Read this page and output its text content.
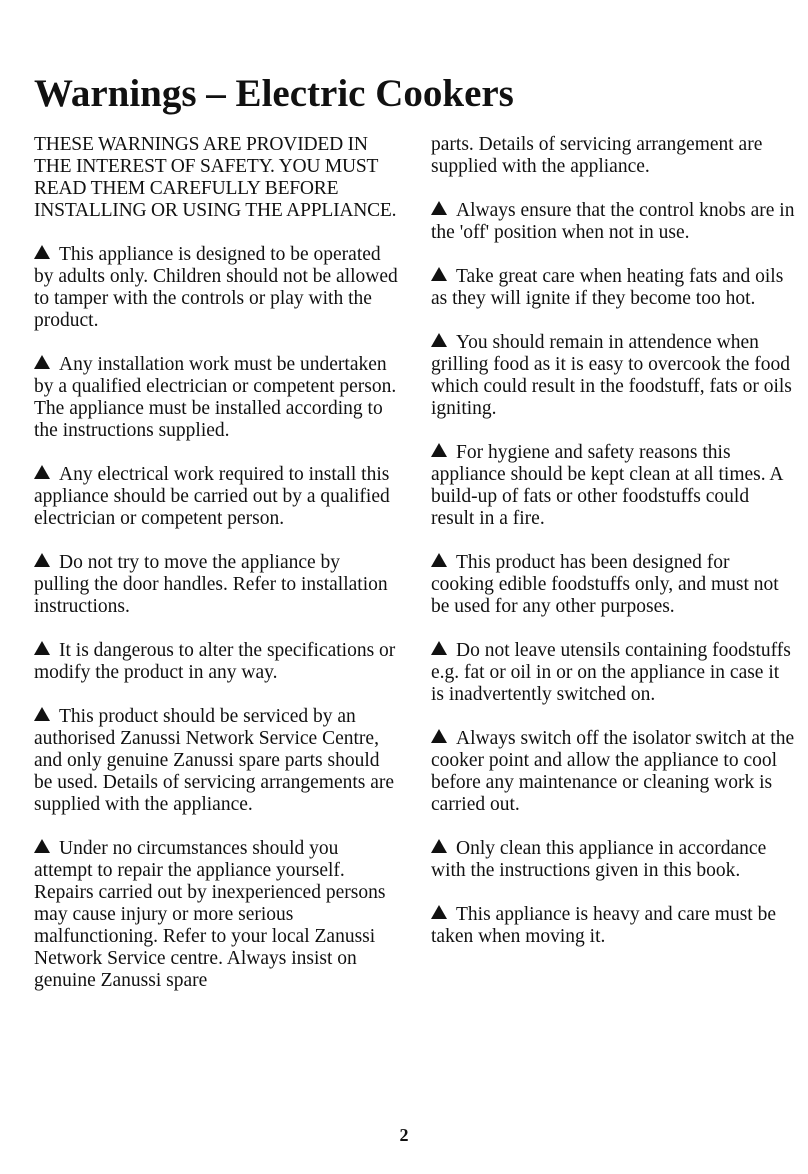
Warnings – Electric Cookers

THESE WARNINGS ARE PROVIDED IN THE INTEREST OF SAFETY. YOU MUST READ THEM CAREFULLY BEFORE INSTALLING OR USING THE APPLIANCE.

This appliance is designed to be operated by adults only. Children should not be allowed to tamper with the controls or play with the product.

Any installation work must be undertaken by a qualified electrician or competent person. The appliance must be installed according to the instructions supplied.

Any electrical work required to install this appliance should be carried out by a qualified electrician or competent person.

Do not try to move the appliance by pulling the door handles. Refer to installation instructions.

It is dangerous to alter the specifications or modify the product in any way.

This product should be serviced by an authorised Zanussi Network Service Centre, and only genuine Zanussi spare parts should be used. Details of servicing arrangements are supplied with the appliance.

Under no circumstances should you attempt to repair the appliance yourself. Repairs carried out by inexperienced persons may cause injury or more serious malfunctioning. Refer to your local Zanussi Network Service centre. Always insist on genuine Zanussi spare

parts. Details of servicing arrangement are supplied with the appliance.

Always ensure that the control knobs are in the 'off' position when not in use.

Take great care when heating fats and oils as they will ignite if they become too hot.

You should remain in attendence when grilling food as it is easy to overcook the food which could result in the foodstuff, fats or oils igniting.

For hygiene and safety reasons this appliance should be kept clean at all times. A build-up of fats or other foodstuffs could result in a fire.

This product has been designed for cooking edible foodstuffs only, and must not be used for any other purposes.

Do not leave utensils containing foodstuffs e.g. fat or oil in or on the appliance in case it is inadvertently switched on.

Always switch off the isolator switch at the cooker point and allow the appliance to cool before any maintenance or cleaning work is carried out.

Only clean this appliance in accordance with the instructions given in this book.

This appliance is heavy and care must be taken when moving it.

2
